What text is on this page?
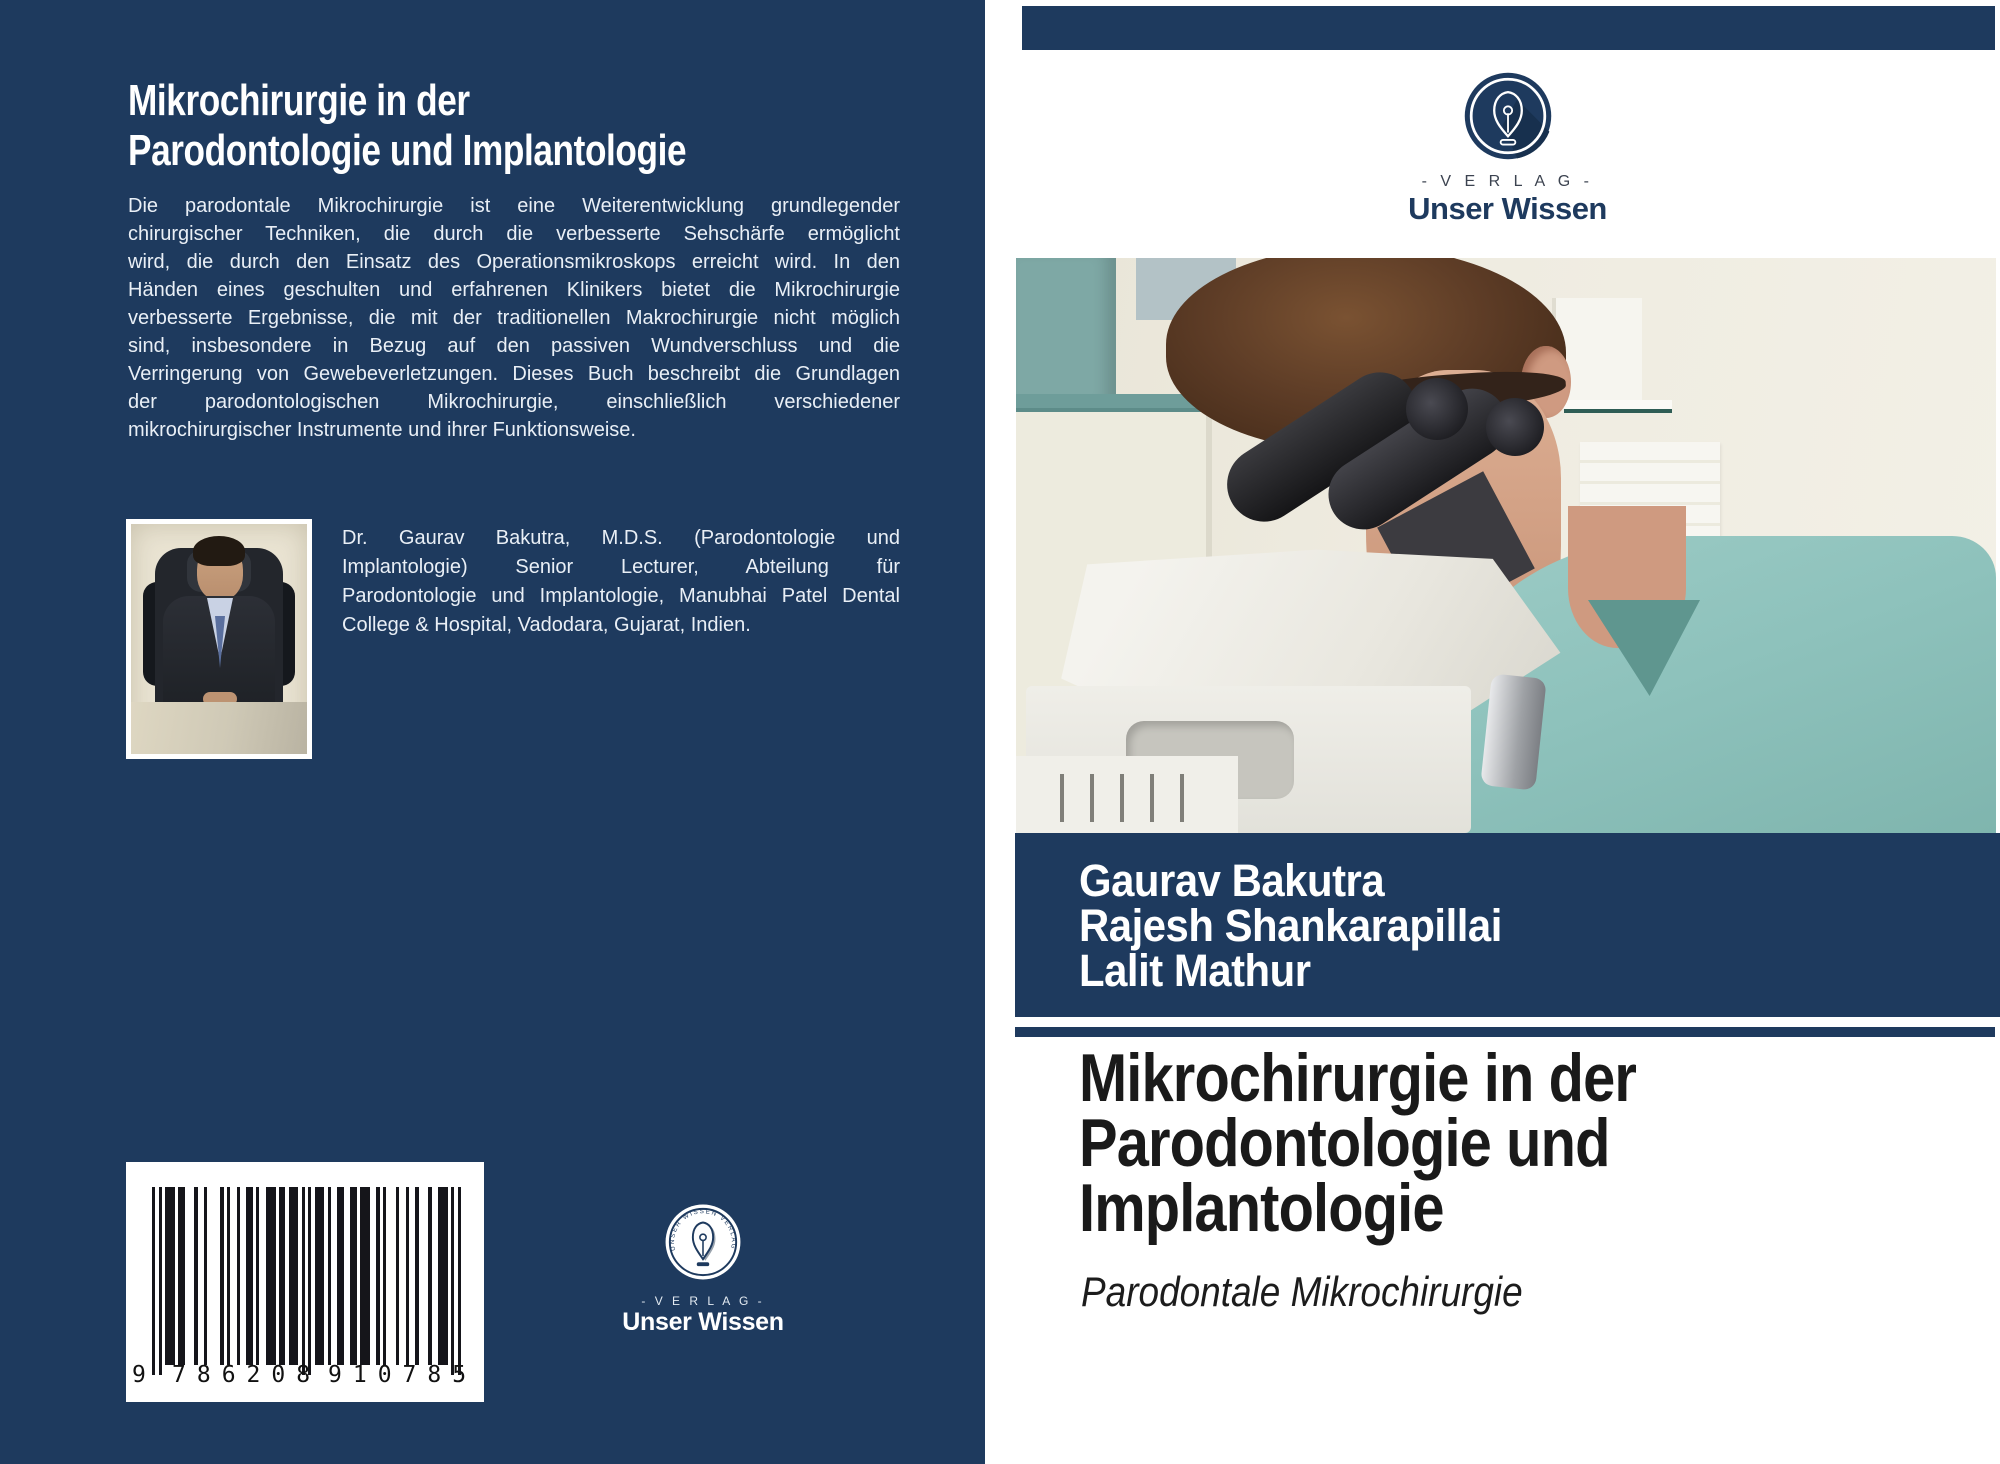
Mikrochirurgie in der
Parodontologie und Implantologie
Die parodontale Mikrochirurgie ist eine Weiterentwicklung grundlegender
chirurgischer Techniken, die durch die verbesserte Sehschärfe ermöglicht
wird, die durch den Einsatz des Operationsmikroskops erreicht wird. In den
Händen eines geschulten und erfahrenen Klinikers bietet die Mikrochirurgie
verbesserte Ergebnisse, die mit der traditionellen Makrochirurgie nicht möglich
sind, insbesondere in Bezug auf den passiven Wundverschluss und die
Verringerung von Gewebeverletzungen. Dieses Buch beschreibt die Grundlagen
der parodontologischen Mikrochirurgie, einschließlich verschiedener
mikrochirurgischer Instrumente und ihrer Funktionsweise.
Dr. Gaurav Bakutra, M.D.S. (Parodontologie und
Implantologie) Senior Lecturer, Abteilung für
Parodontologie und Implantologie, Manubhai Patel Dental
College & Hospital, Vadodara, Gujarat, Indien.
9 786208 910785
UNSER WISSEN VERLAG
- V E R L A G -
Unser Wissen
- V E R L A G -
Unser Wissen
Gaurav Bakutra
Rajesh Shankarapillai
Lalit Mathur
Mikrochirurgie in der
Parodontologie und
Implantologie
Parodontale Mikrochirurgie
